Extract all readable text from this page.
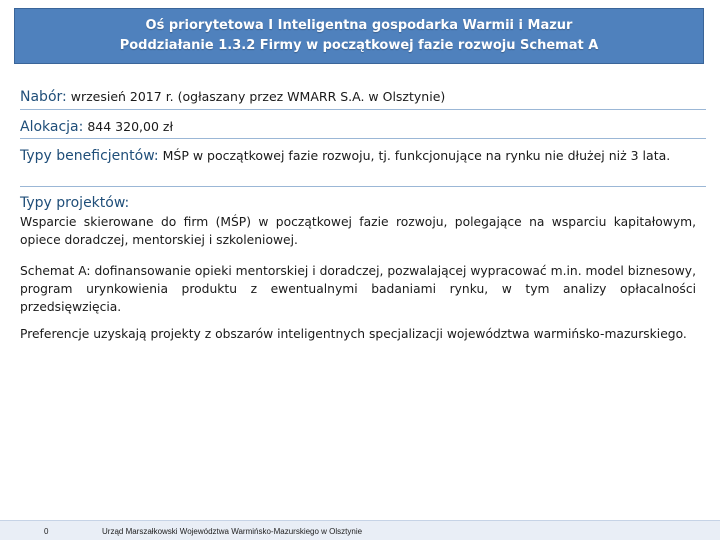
Oś priorytetowa I Inteligentna gospodarka Warmii i Mazur
Poddziałanie 1.3.2 Firmy w początkowej fazie rozwoju Schemat A
Nabór: wrzesień 2017 r. (ogłaszany przez WMARR S.A. w Olsztynie)
Alokacja: 844 320,00 zł
Typy beneficjentów: MŚP w początkowej fazie rozwoju, tj. funkcjonujące na rynku nie dłużej niż 3 lata.
Typy projektów:
Wsparcie skierowane do firm (MŚP) w początkowej fazie rozwoju, polegające na wsparciu kapitałowym, opiece doradczej, mentorskiej i szkoleniowej.
Schemat A: dofinansowanie opieki mentorskiej i doradczej, pozwalającej wypracować m.in. model biznesowy, program urynkowienia produktu z ewentualnymi badaniami rynku, w tym analizy opłacalności przedsięwzięcia.
Preferencje uzyskają projekty z obszarów inteligentnych specjalizacji województwa warmińsko-mazurskiego.
0	Urząd Marszałkowski Województwa Warmińsko-Mazurskiego w Olsztynie
